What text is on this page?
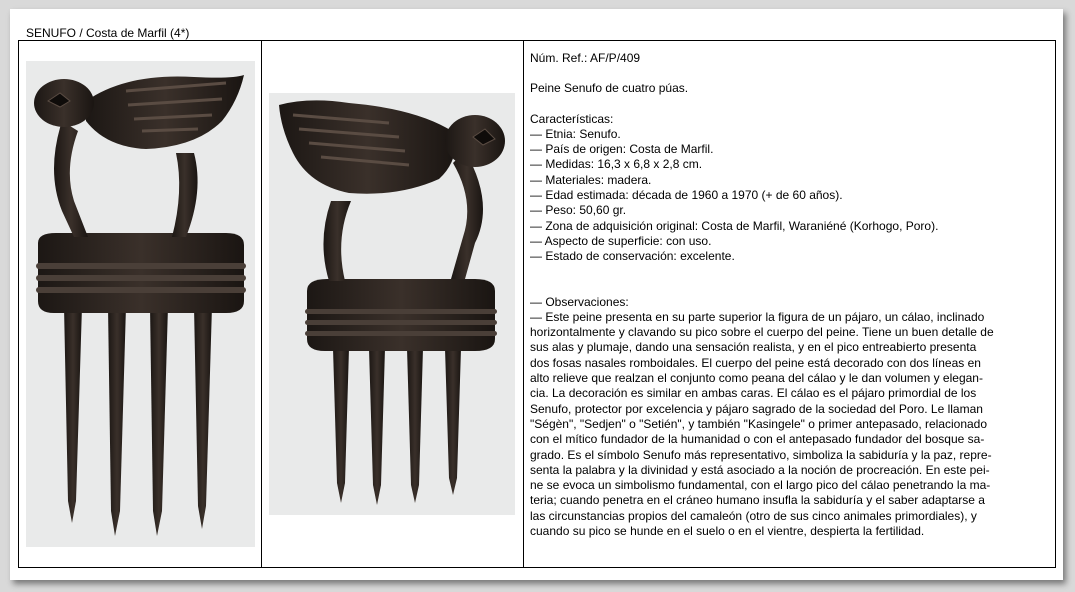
SENUFO / Costa de Marfil (4*)

Núm. Ref.: AF/P/409

Peine Senufo de cuatro púas.

Características:

— Etnia: Senufo.

— País de origen: Costa de Marfil.

— Medidas: 16,3 x 6,8 x 2,8 cm.

— Materiales: madera.

— Edad estimada: década de 1960 a 1970 (+ de 60 años).

— Peso: 50,60 gr.

— Zona de adquisición original: Costa de Marfil, Waraniéné (Korhogo, Poro).

— Aspecto de superficie: con uso.

— Estado de conservación: excelente.

— Observaciones:

— Este peine presenta en su parte superior la figura de un pájaro, un cálao, inclinado

horizontalmente y clavando su pico sobre el cuerpo del peine. Tiene un buen detalle de

sus alas y plumaje, dando una sensación realista, y en el pico entreabierto presenta

dos fosas nasales romboidales. El cuerpo del peine está decorado con dos líneas en

alto relieve que realzan el conjunto como peana del cálao y le dan volumen y elegan-

cia. La decoración es similar en ambas caras. El cálao es el pájaro primordial de los

Senufo, protector por excelencia y pájaro sagrado de la sociedad del Poro. Le llaman

"Ségèn", "Sedjen" o "Setién", y también "Kasingele" o primer antepasado, relacionado

con el mítico fundador de la humanidad o con el antepasado fundador del bosque sa-

grado. Es el símbolo Senufo más representativo, simboliza la sabiduría y la paz, repre-

senta la palabra y la divinidad y está asociado a la noción de procreación. En este pei-

ne se evoca un simbolismo fundamental, con el largo pico del cálao penetrando la ma-

teria; cuando penetra en el cráneo humano insufla la sabiduría y el saber adaptarse a

las circunstancias propios del camaleón (otro de sus cinco animales primordiales), y

cuando su pico se hunde en el suelo o en el vientre, despierta la fertilidad.
